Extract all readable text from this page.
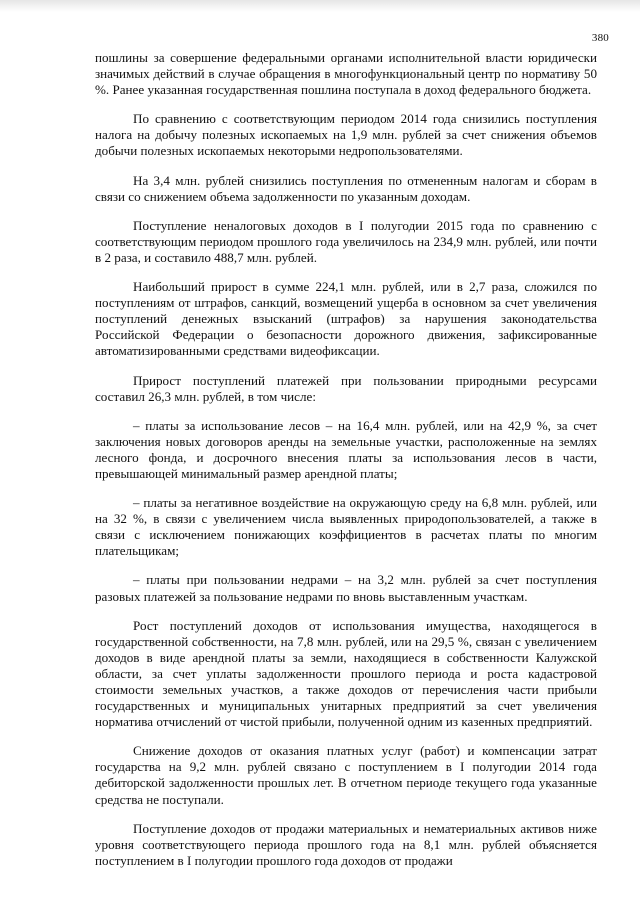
380

пошлины за совершение федеральными органами исполнительной власти юридически значимых действий в случае обращения в многофункциональный центр по нормативу 50 %. Ранее указанная государственная пошлина поступала в доход федерального бюджета.

По сравнению с соответствующим периодом 2014 года снизились поступления налога на добычу полезных ископаемых на 1,9 млн. рублей за счет снижения объемов добычи полезных ископаемых некоторыми недропользователями.

На 3,4 млн. рублей снизились поступления по отмененным налогам и сборам в связи со снижением объема задолженности по указанным доходам.

Поступление неналоговых доходов в I полугодии 2015 года по сравнению с соответствующим периодом прошлого года увеличилось на 234,9 млн. рублей, или почти в 2 раза, и составило 488,7 млн. рублей.

Наибольший прирост в сумме 224,1 млн. рублей, или в 2,7 раза, сложился по поступлениям от штрафов, санкций, возмещений ущерба в основном за счет увеличения поступлений денежных взысканий (штрафов) за нарушения законодательства Российской Федерации о безопасности дорожного движения, зафиксированные автоматизированными средствами видеофиксации.

Прирост поступлений платежей при пользовании природными ресурсами составил 26,3 млн. рублей, в том числе:

– платы за использование лесов – на 16,4 млн. рублей, или на 42,9 %, за счет заключения новых договоров аренды на земельные участки, расположенные на землях лесного фонда, и досрочного внесения платы за использования лесов в части, превышающей минимальный размер арендной платы;

– платы за негативное воздействие на окружающую среду на 6,8 млн. рублей, или на 32 %, в связи с увеличением числа выявленных природопользователей, а также в связи с исключением понижающих коэффициентов в расчетах платы по многим плательщикам;

– платы при пользовании недрами – на 3,2 млн. рублей за счет поступления разовых платежей за пользование недрами по вновь выставленным участкам.

Рост поступлений доходов от использования имущества, находящегося в государственной собственности, на 7,8 млн. рублей, или на 29,5 %, связан с увеличением доходов в виде арендной платы за земли, находящиеся в собственности Калужской области, за счет уплаты задолженности прошлого периода и роста кадастровой стоимости земельных участков, а также доходов от перечисления части прибыли государственных и муниципальных унитарных предприятий за счет увеличения норматива отчислений от чистой прибыли, полученной одним из казенных предприятий.

Снижение доходов от оказания платных услуг (работ) и компенсации затрат государства на 9,2 млн. рублей связано с поступлением в I полугодии 2014 года дебиторской задолженности прошлых лет. В отчетном периоде текущего года указанные средства не поступали.

Поступление доходов от продажи материальных и нематериальных активов ниже уровня соответствующего периода прошлого года на 8,1 млн. рублей объясняется поступлением в I полугодии прошлого года доходов от продажи
